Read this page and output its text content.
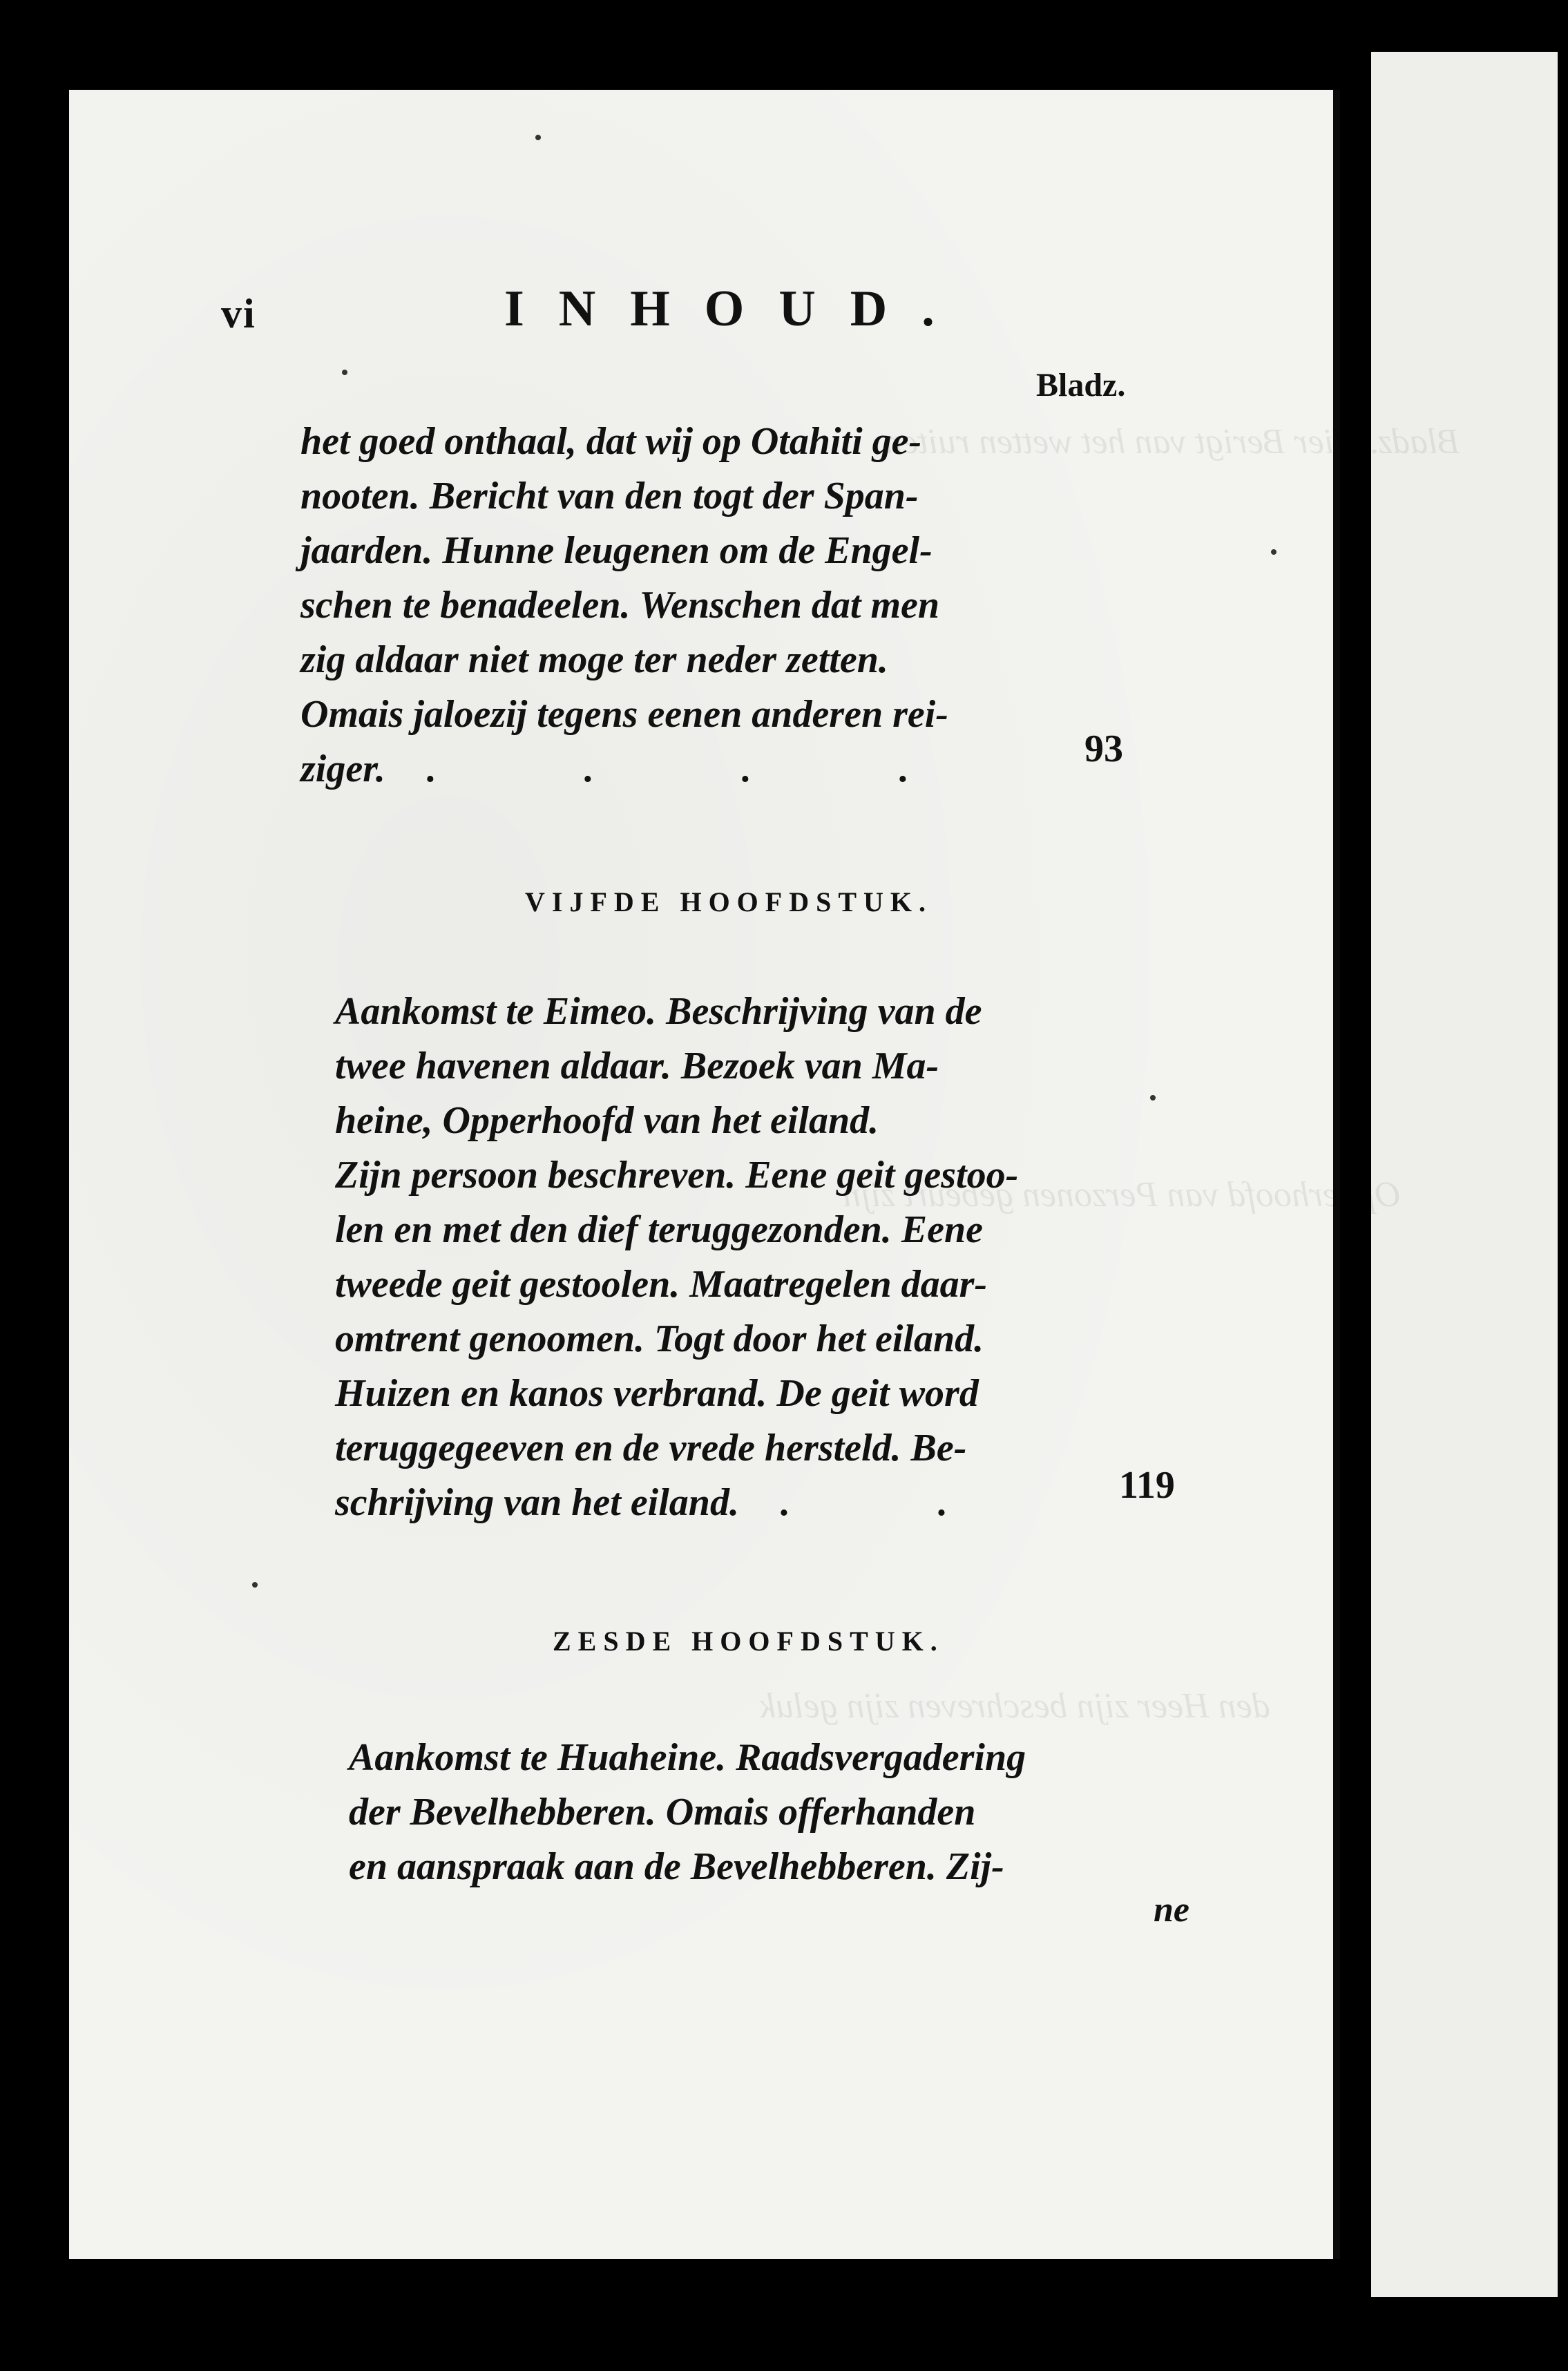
Bladz. Hier Berigt van het wetten ruiten
Opperhoofd van Perzonen gebeurt zijn
den Heer zijn beschreven zijn geluk
vi	INHOUD.
Bladz.
het goed onthaal, dat wij op Otahiti ge-
nooten. Bericht van den togt der Span-
jaarden. Hunne leugenen om de Engel-
schen te benadeelen. Wenschen dat men
zig aldaar niet moge ter neder zetten.
Omais jaloezij tegens eenen anderen rei-
ziger. . . . .	93
VIJFDE HOOFDSTUK.
Aankomst te Eimeo. Beschrijving van de
twee havenen aldaar. Bezoek van Ma-
heine, Opperhoofd van het eiland.
Zijn persoon beschreven. Eene geit gestoo-
len en met den dief teruggezonden. Eene
tweede geit gestoolen. Maatregelen daar-
omtrent genoomen. Togt door het eiland.
Huizen en kanos verbrand. De geit word
teruggegeeven en de vrede hersteld. Be-
schrijving van het eiland. . .	119
ZESDE HOOFDSTUK.
Aankomst te Huaheine. Raadsvergadering
der Bevelhebberen. Omais offerhanden
en aanspraak aan de Bevelhebberen. Zij-
ne
